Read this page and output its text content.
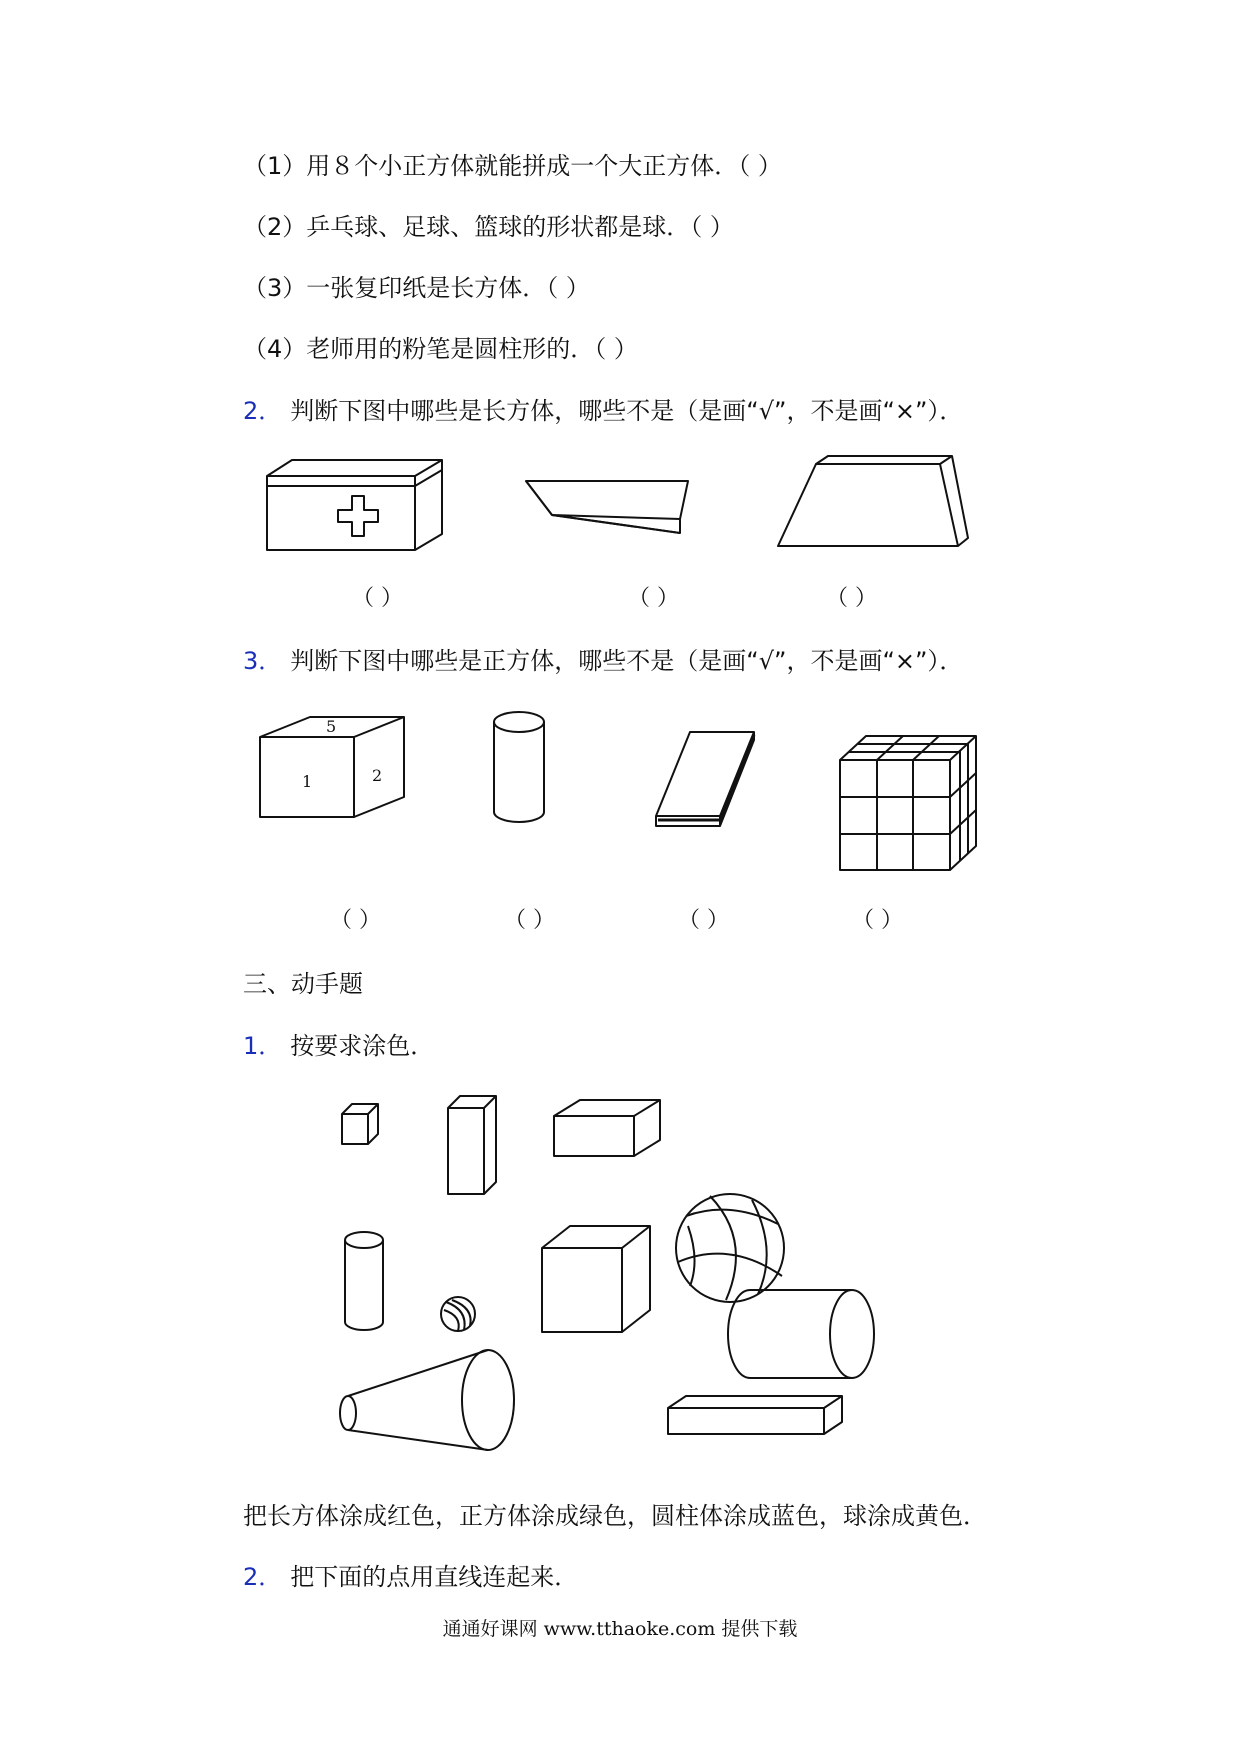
（1）用８个小正方体就能拼成一个大正方体．（ ）
（2）乒乓球、足球、篮球的形状都是球．（ ）
（3）一张复印纸是长方体．（ ）
（4）老师用的粉笔是圆柱形的．（ ）
2． 判断下图中哪些是长方体，哪些不是（是画“√”，不是画“×”）．
（ ）	（ ）	（ ）
3． 判断下图中哪些是正方体，哪些不是（是画“√”，不是画“×”）．
1	2
5
（ ）	（ ）	（ ）	（ ）
三、动手题
1． 按要求涂色．
把长方体涂成红色，正方体涂成绿色，圆柱体涂成蓝色，球涂成黄色．
2． 把下面的点用直线连起来．
通通好课网 www.tthaoke.com 提供下载
